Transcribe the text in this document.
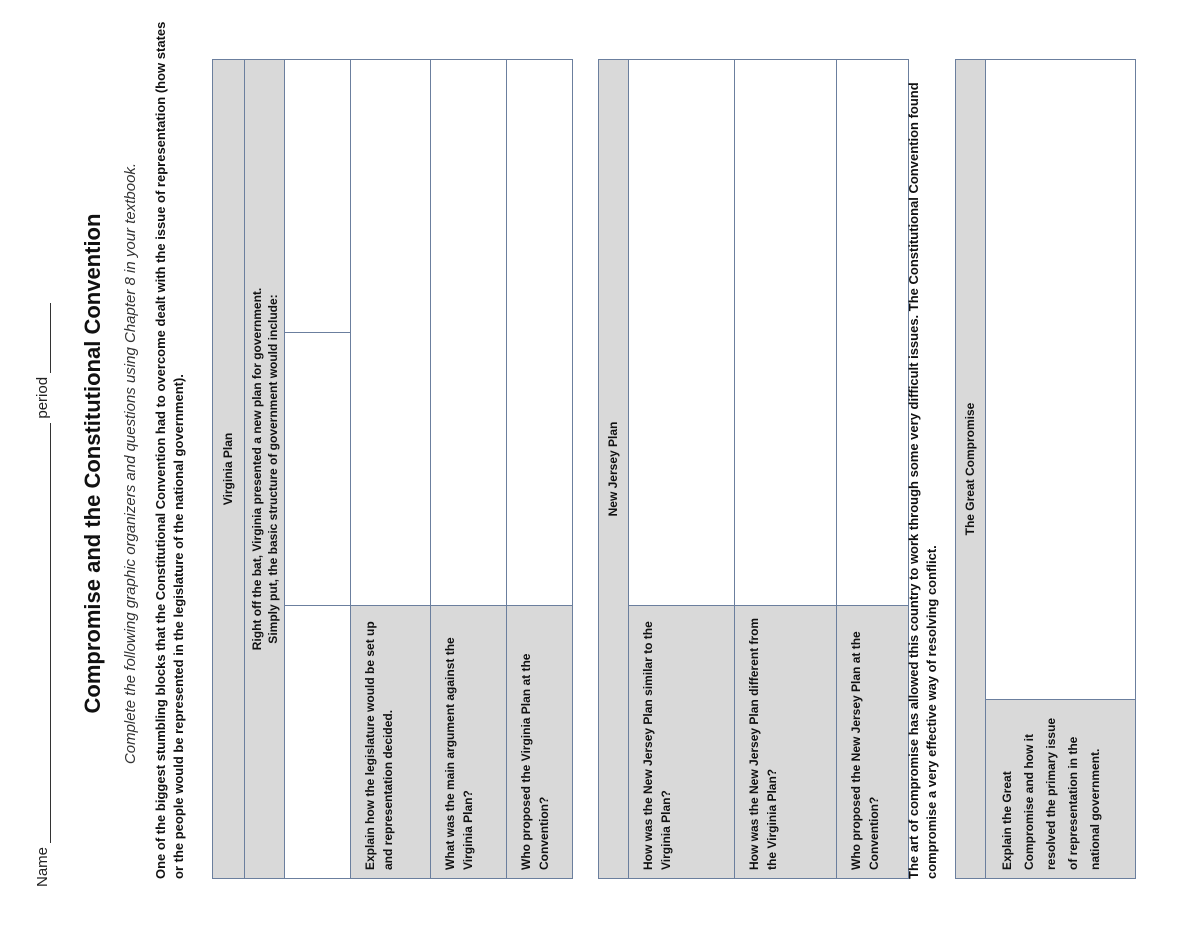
Name  period Compromise and the Constitutional Convention Complete the following graphic organizers and questions using Chapter 8 in your textbook. One of the biggest stumbling blocks that the Constitutional Convention had to overcome dealt with the issue of representation (how states or the people would be represented in the legislature of the national government).	Virginia Plan
Right off the bat, Virginia presented a new plan for government. Simply put, the basic structure of government would include:

Explain how the legislature would be set up and representation decided.	
What was the main argument against the Virginia Plan?	
Who proposed the Virginia Plan at the Convention?	
New Jersey Plan	
How was the New Jersey Plan similar to the Virginia Plan?	
How was the New Jersey Plan different from the Virginia Plan?	
Who proposed the New Jersey Plan at the Convention?	The art of compromise has allowed this country to work through some very difficult issues. The Constitutional Convention found compromise a very effective way of resolving conflict.
The Great Compromise
Explain the Great Compromise and how it resolved the primary issue of representation in the national government.	
